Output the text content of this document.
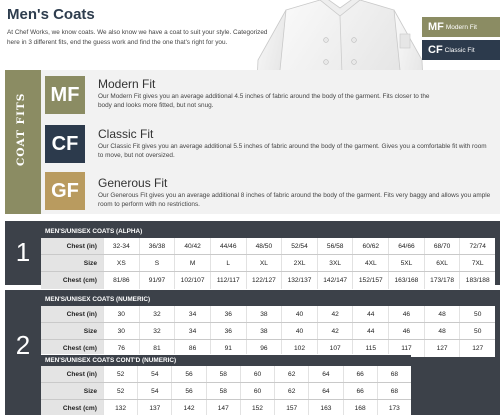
Men's Coats
At Chef Works, we know coats. We also know we have a coat to suit your style. Categorized here in 3 different fits, end the guess work and find the one that's right for you.
MF Modern Fit
CF Classic Fit
COAT FITS MF	Modern Fit

Our Modern Fit gives you an average additional 4.5 inches of fabric around the body of the garment. Fits closer to the body and looks more fitted, but not snug.

CF	Classic Fit

Our Classic Fit gives you an average additional 5.5 inches of fabric around the body of the garment. Gives you a comfortable fit with room to move, but not oversized.

GF	Generous Fit

Our Generous Fit gives you an average additional 8 inches of fabric around the body of the garment. Fits very baggy and allows you ample room to perform with no restrictions.

1
MEN'S/UNISEX COATS (ALPHA)
Chest (in)	32-34	36/38	40/42	44/46	48/50	52/54	56/58	60/62	64/66	68/70	72/74
Size	XS	S	M	L	XL	2XL	3XL	4XL	5XL	6XL	7XL
Chest (cm)	81/86	91/97	102/107	112/117	122/127	132/137	142/147	152/157	163/168	173/178	183/188
2
MEN'S/UNISEX COATS (NUMERIC)
Chest (in)	30	32	34	36	38	40	42	44	46	48	50
Size	30	32	34	36	38	40	42	44	46	48	50
Chest (cm)	76	81	86	91	96	102	107	115	117	127	127
MEN'S/UNISEX COATS CONT'D (NUMERIC)
Chest (in)	52	54	56	58	60	62	64	66	68
Size	52	54	56	58	60	62	64	66	68
Chest (cm)	132	137	142	147	152	157	163	168	173
